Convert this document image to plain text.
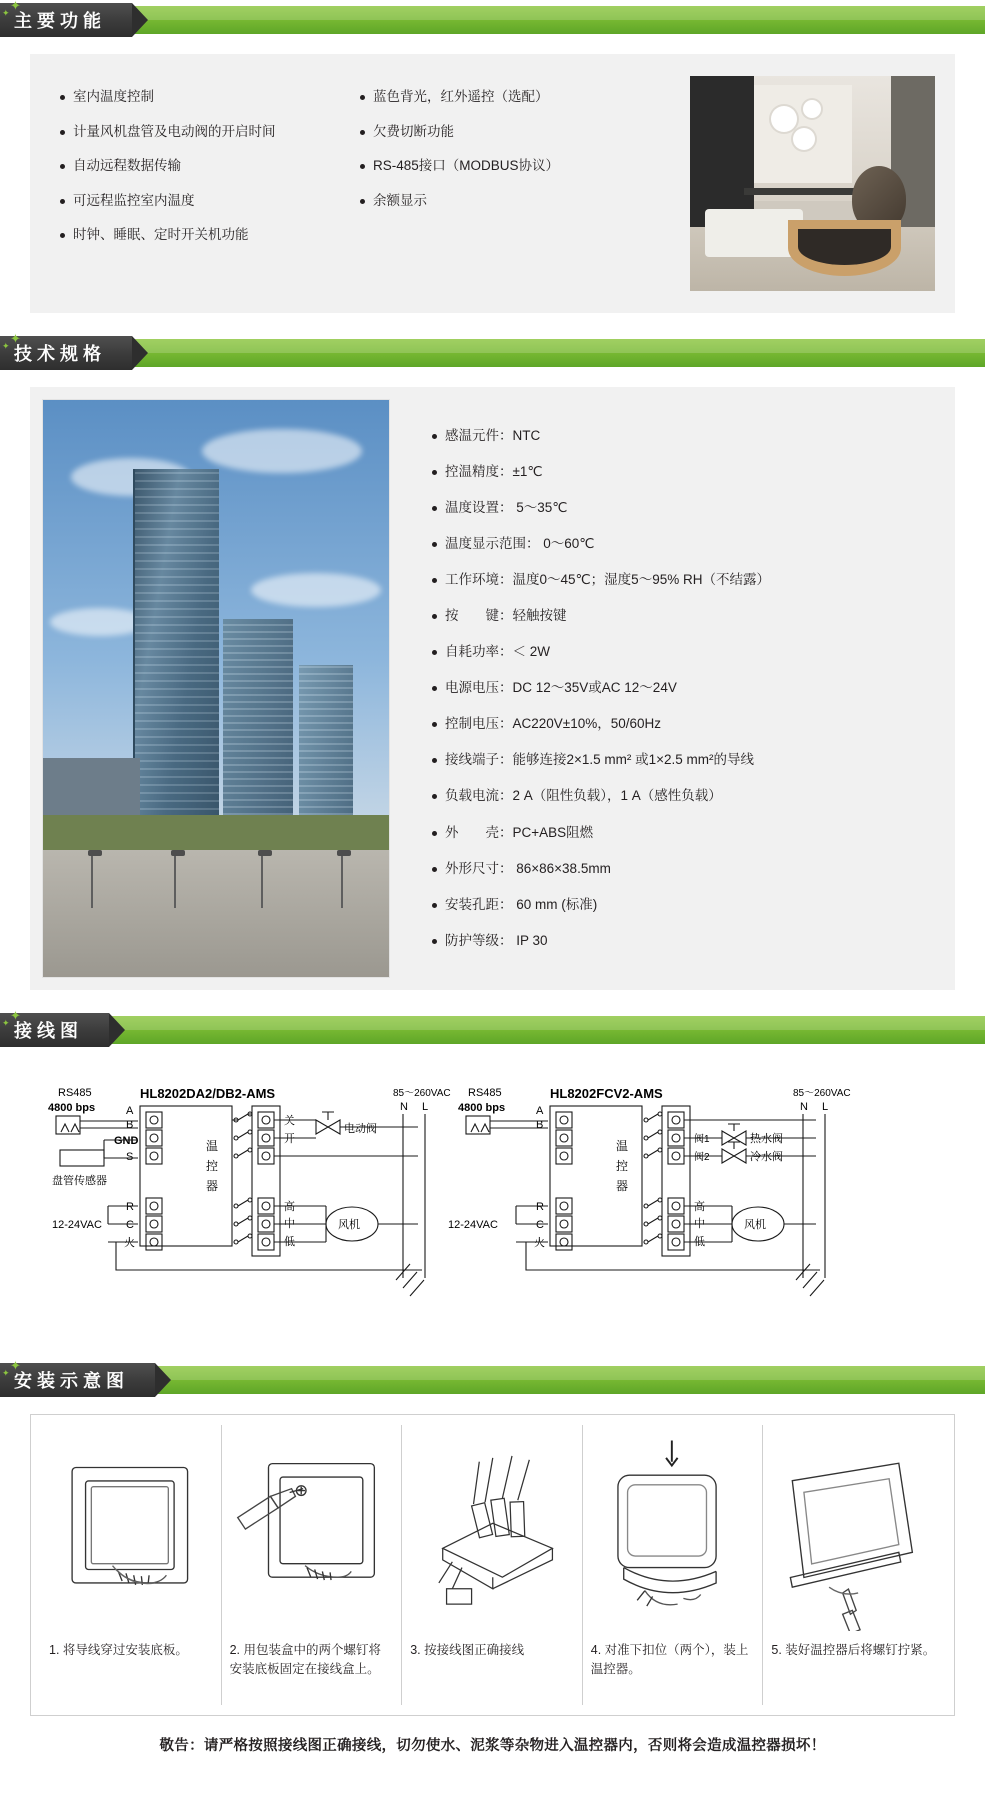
✦
✦ 主要功能
室内温度控制
计量风机盘管及电动阀的开启时间
自动远程数据传输
可远程监控室内温度
时钟、睡眠、定时开关机功能
蓝色背光，红外遥控（选配）
欠费切断功能
RS-485接口（MODBUS协议）
余额显示
✦
✦ 技术规格
感温元件：NTC
控温精度：±1℃
温度设置： 5～35℃
温度显示范围： 0～60℃
工作环境：温度0～45℃；湿度5～95% RH（不结露）
按　　键：轻触按键
自耗功率：＜ 2W
电源电压：DC 12～35V或AC 12～24V
控制电压：AC220V±10%，50/60Hz
接线端子：能够连接2×1.5 mm² 或1×2.5 mm²的导线
负载电流：2 A（阻性负载），1 A（感性负载）
外　　壳：PC+ABS阻燃
外形尺寸： 86×86×38.5mm
安装孔距： 60 mm (标准)
防护等级： IP 30
✦
✦ 接线图
HL8202DA2/DB2-AMS
RS485
4800 bps	A
B
GND
S
盘管传感器
温
控
器
关
开
电动阀
高
中
低
风机
12-24VAC
R
C
火
85～260VAC
N L
HL8202FCV2-AMS
RS485
4800 bps	A
B
温
控
器
阀1
阀2
热水阀
冷水阀
高
中
低
风机
12-24VAC
R
C
火
85～260VAC
N L
✦
✦ 安装示意图
1. 将导线穿过安装底板。	2. 用包装盒中的两个螺钉将安装底板固定在接线盒上。
3. 按接线图正确接线	4. 对准下扣位（两个），装上温控器。
5. 装好温控器后将螺钉拧紧。
敬告：请严格按照接线图正确接线，切勿使水、泥浆等杂物进入温控器内，否则将会造成温控器损坏！
